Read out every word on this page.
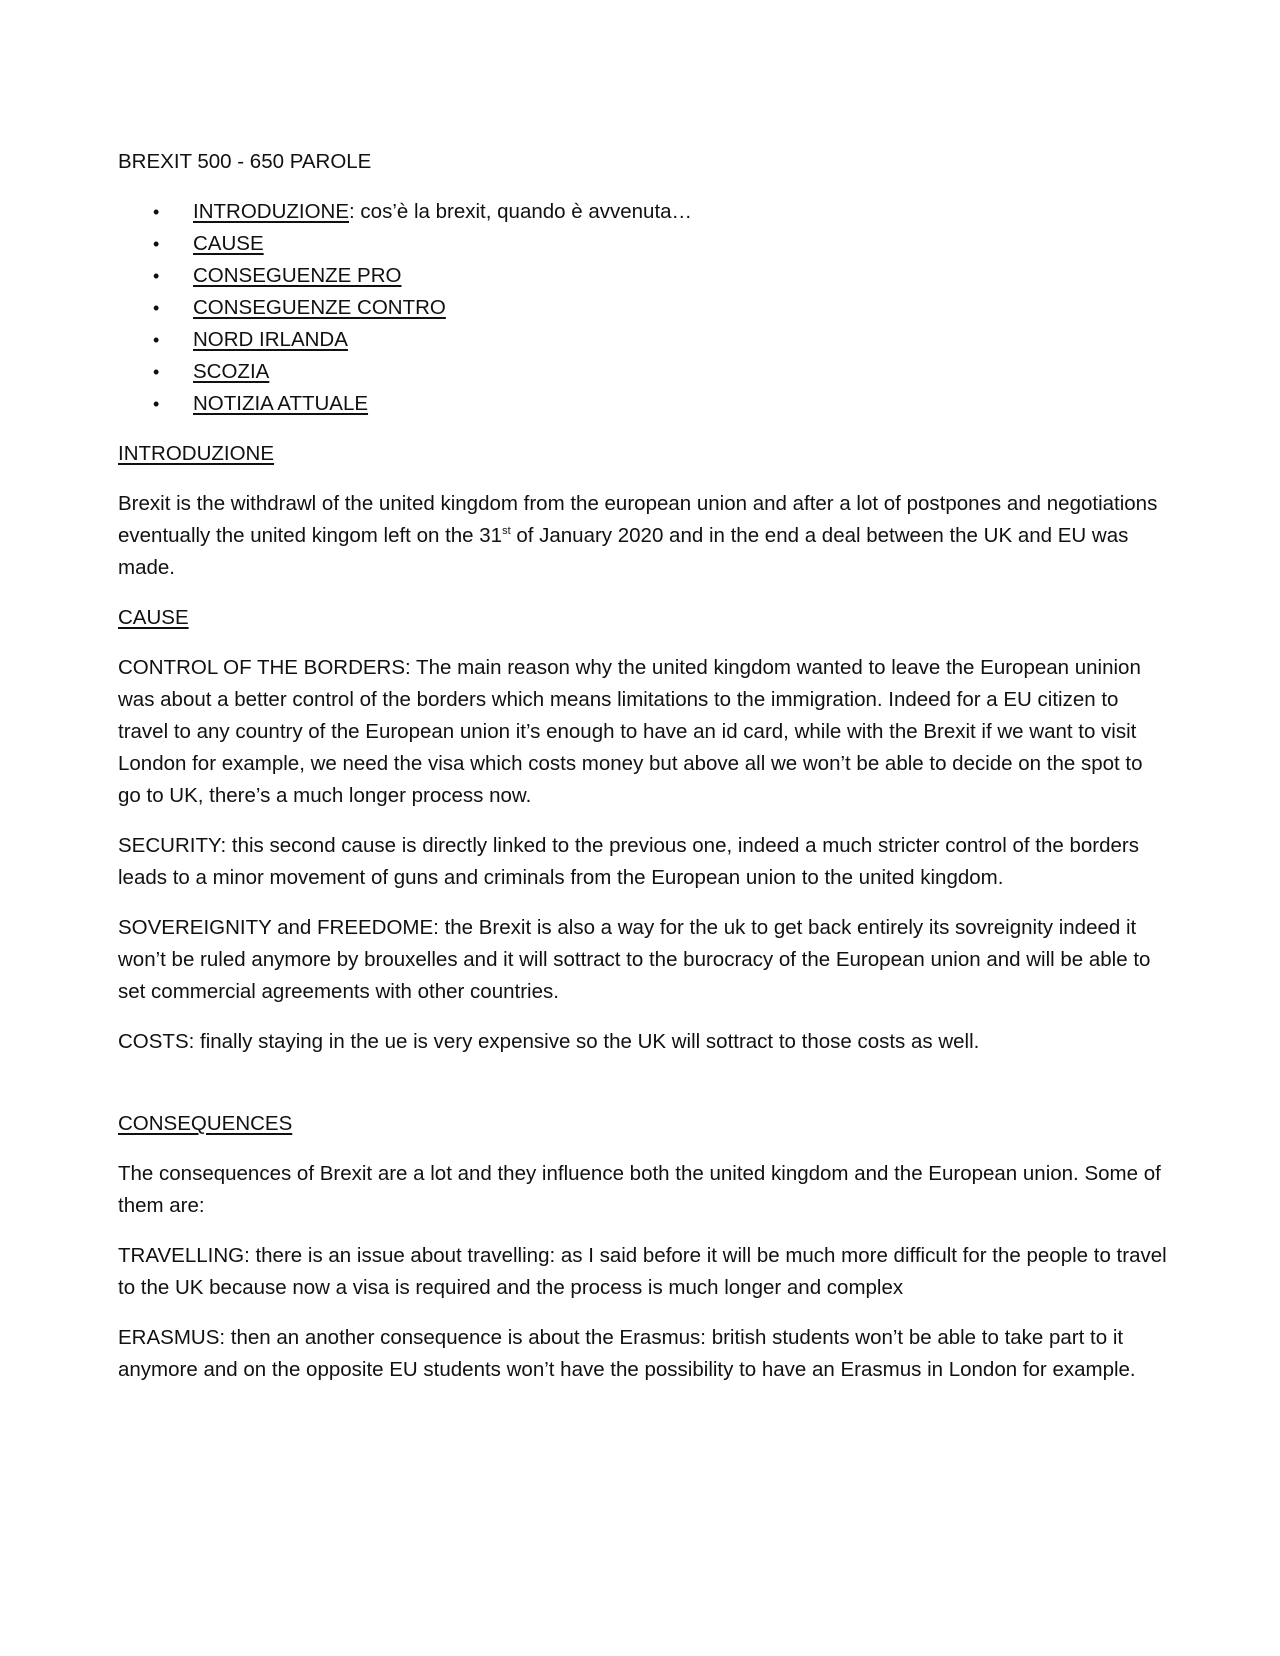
BREXIT 500 - 650 PAROLE
• INTRODUZIONE: cos’è la brexit, quando è avvenuta…
• CAUSE
• CONSEGUENZE PRO
• CONSEGUENZE CONTRO
• NORD IRLANDA
• SCOZIA
• NOTIZIA ATTUALE
INTRODUZIONE

Brexit is the withdrawl of the united kingdom from the european union and after a lot of postpones and negotiations eventually the united kingom left on the 31st of January 2020 and in the end a deal between the UK and EU was made.

CAUSE

CONTROL OF THE BORDERS: The main reason why the united kingdom wanted to leave the European uninion was about a better control of the borders which means limitations to the immigration. Indeed for a EU citizen to travel to any country of the European union it’s enough to have an id card, while with the Brexit if we want to visit London for example, we need the visa which costs money but above all we won’t be able to decide on the spot to go to UK, there’s a much longer process now.

SECURITY: this second cause is directly linked to the previous one, indeed a much stricter control of the borders leads to a minor movement of guns and criminals from the European union to the united kingdom.

SOVEREIGNITY and FREEDOME: the Brexit is also a way for the uk to get back entirely its sovreignity indeed it won’t be ruled anymore by brouxelles and it will sottract to the burocracy of the European union and will be able to set commercial agreements with other countries.

COSTS: finally staying in the ue is very expensive so the UK will sottract to those costs as well.

CONSEQUENCES

The consequences of Brexit are a lot and they influence both the united kingdom and the European union. Some of them are:

TRAVELLING: there is an issue about travelling: as I said before it will be much more difficult for the people to travel to the UK because now a visa is required and the process is much longer and complex

ERASMUS: then an another consequence is about the Erasmus: british students won’t be able to take part to it anymore and on the opposite EU students won’t have the possibility to have an Erasmus in London for example.
